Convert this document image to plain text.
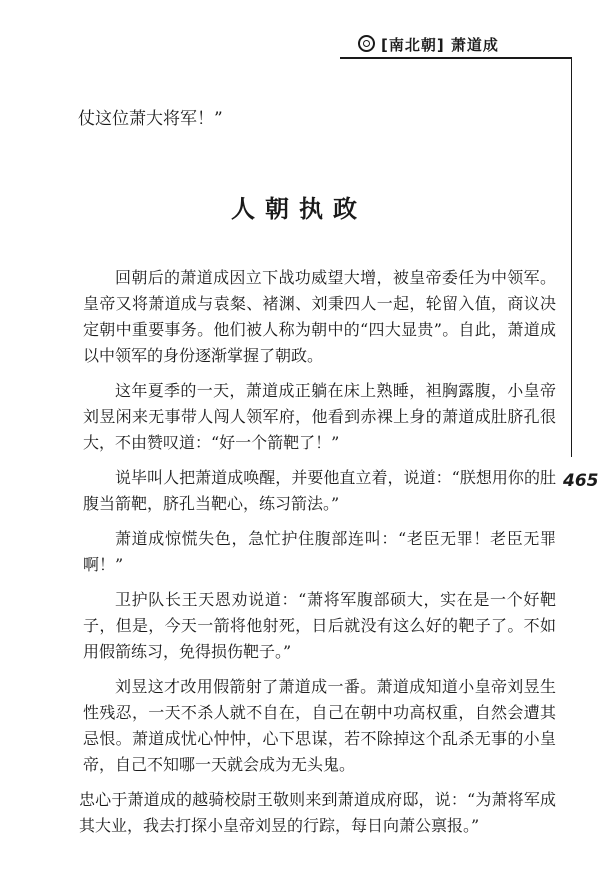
[南北朝] 萧道成
465
仗这位萧大将军！”
人朝执政

回朝后的萧道成因立下战功威望大增，被皇帝委任为中领军。皇帝又将萧道成与袁粲、褚渊、刘秉四人一起，轮留入值，商议决定朝中重要事务。他们被人称为朝中的“四大显贵”。自此，萧道成以中领军的身份逐渐掌握了朝政。

这年夏季的一天，萧道成正躺在床上熟睡，袒胸露腹，小皇帝刘昱闲来无事带人闯人领军府，他看到赤裸上身的萧道成肚脐孔很大，不由赞叹道：“好一个箭靶了！”

说毕叫人把萧道成唤醒，并要他直立着，说道：“朕想用你的肚腹当箭靶，脐孔当靶心，练习箭法。”

萧道成惊慌失色，急忙护住腹部连叫：“老臣无罪！老臣无罪啊！”

卫护队长王天恩劝说道：“萧将军腹部硕大，实在是一个好靶子，但是，今天一箭将他射死，日后就没有这么好的靶子了。不如用假箭练习，免得损伤靶子。”

刘昱这才改用假箭射了萧道成一番。萧道成知道小皇帝刘昱生性残忍，一天不杀人就不自在，自己在朝中功高权重，自然会遭其忌恨。萧道成忧心忡忡，心下思谋，若不除掉这个乱杀无事的小皇帝，自己不知哪一天就会成为无头鬼。

忠心于萧道成的越骑校尉王敬则来到萧道成府邸，说：“为萧将军成其大业，我去打探小皇帝刘昱的行踪，每日向萧公禀报。”
